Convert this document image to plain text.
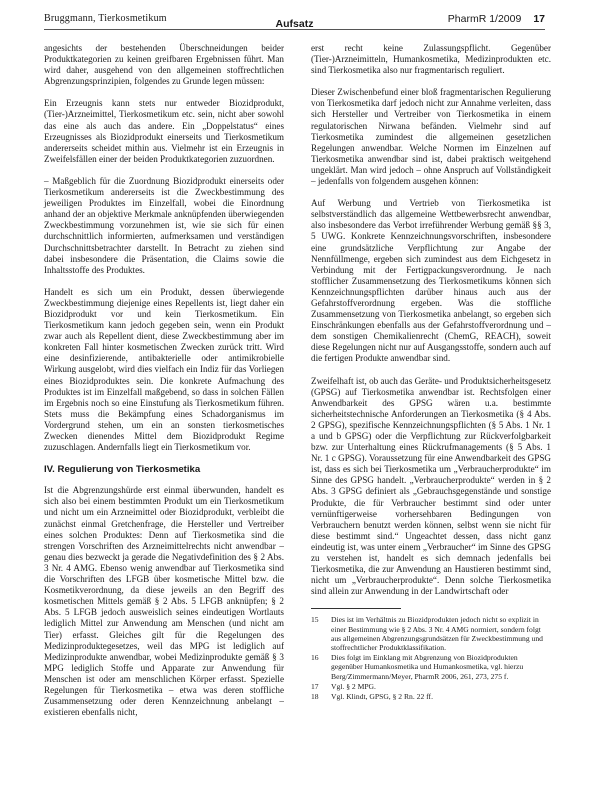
Bruggmann, Tierkosmetikum	Aufsatz	PharmR 1/2009 17

angesichts der bestehenden Überschneidungen beider Produktkategorien zu keinen greifbaren Ergebnissen führt. Man wird daher, ausgehend von den allgemeinen stoffrechtlichen Abgrenzungsprinzipien, folgendes zu Grunde legen müssen:

Ein Erzeugnis kann stets nur entweder Biozidprodukt, (Tier-)Arzneimittel, Tierkosmetikum etc. sein, nicht aber sowohl das eine als auch das andere. Ein „Doppelstatus“ eines Erzeugnisses als Biozidprodukt einerseits und Tierkosmetikum andererseits scheidet mithin aus. Vielmehr ist ein Erzeugnis in Zweifelsfällen einer der beiden Produktkategorien zuzuordnen.

– Maßgeblich für die Zuordnung Biozidprodukt einerseits oder Tierkosmetikum andererseits ist die Zweckbestimmung des jeweiligen Produktes im Einzelfall, wobei die Einordnung anhand der an objektive Merkmale anknüpfenden überwiegenden Zweckbestimmung vorzunehmen ist, wie sie sich für einen durchschnittlich informierten, aufmerksamen und verständigen Durchschnittsbetrachter darstellt. In Betracht zu ziehen sind dabei insbesondere die Präsentation, die Claims sowie die Inhaltsstoffe des Produktes.

Handelt es sich um ein Produkt, dessen überwiegende Zweckbestimmung diejenige eines Repellents ist, liegt daher ein Biozidprodukt vor und kein Tierkosmetikum. Ein Tierkosmetikum kann jedoch gegeben sein, wenn ein Produkt zwar auch als Repellent dient, diese Zweckbestimmung aber im konkreten Fall hinter kosmetischen Zwecken zurück tritt. Wird eine desinfizierende, antibakterielle oder antimikrobielle Wirkung ausgelobt, wird dies vielfach ein Indiz für das Vorliegen eines Biozidproduktes sein. Die konkrete Aufmachung des Produktes ist im Einzelfall maßgebend, so dass in solchen Fällen im Ergebnis noch so eine Einstufung als Tierkosmetikum führen. Stets muss die Bekämpfung eines Schadorganismus im Vordergrund stehen, um ein an sonsten tierkosmetisches Zwecken dienendes Mittel dem Biozidprodukt Regime zuzuschlagen. Andernfalls liegt ein Tierkosmetikum vor.

IV. Regulierung von Tierkosmetika

Ist die Abgrenzungshürde erst einmal überwunden, handelt es sich also bei einem bestimmten Produkt um ein Tierkosmetikum und nicht um ein Arzneimittel oder Biozidprodukt, verbleibt die zunächst einmal Gretchenfrage, die Hersteller und Vertreiber eines solchen Produktes: Denn auf Tierkosmetika sind die strengen Vorschriften des Arzneimittelrechts nicht anwendbar – genau dies bezweckt ja gerade die Negativdefinition des § 2 Abs. 3 Nr. 4 AMG. Ebenso wenig anwendbar auf Tierkosmetika sind die Vorschriften des LFGB über kosmetische Mittel bzw. die Kosmetikverordnung, da diese jeweils an den Begriff des kosmetischen Mittels gemäß § 2 Abs. 5 LFGB anknüpfen; § 2 Abs. 5 LFGB jedoch ausweislich seines eindeutigen Wortlauts lediglich Mittel zur Anwendung am Menschen (und nicht am Tier) erfasst. Gleiches gilt für die Regelungen des Medizinproduktegesetzes, weil das MPG ist lediglich auf Medizinprodukte anwendbar, wobei Medizinprodukte gemäß § 3 MPG lediglich Stoffe und Apparate zur Anwendung für Menschen ist oder am menschlichen Körper erfasst. Spezielle Regelungen für Tierkosmetika – etwa was deren stoffliche Zusammensetzung oder deren Kennzeichnung anbelangt – existieren ebenfalls nicht,

erst recht keine Zulassungspflicht. Gegenüber (Tier-)Arzneimitteln, Humankosmetika, Medizinprodukten etc. sind Tierkosmetika also nur fragmentarisch reguliert.

Dieser Zwischenbefund einer bloß fragmentarischen Regulierung von Tierkosmetika darf jedoch nicht zur Annahme verleiten, dass sich Hersteller und Vertreiber von Tierkosmetika in einem regulatorischen Nirwana befänden. Vielmehr sind auf Tierkosmetika zumindest die allgemeinen gesetzlichen Regelungen anwendbar. Welche Normen im Einzelnen auf Tierkosmetika anwendbar sind ist, dabei praktisch weitgehend ungeklärt. Man wird jedoch – ohne Anspruch auf Vollständigkeit – jedenfalls von folgendem ausgehen können:

Auf Werbung und Vertrieb von Tierkosmetika ist selbstverständlich das allgemeine Wettbewerbsrecht anwendbar, also insbesondere das Verbot irreführender Werbung gemäß §§ 3, 5 UWG. Konkrete Kennzeichnungsvorschriften, insbesondere eine grundsätzliche Verpflichtung zur Angabe der Nennfüllmenge, ergeben sich zumindest aus dem Eichgesetz in Verbindung mit der Fertigpackungsverordnung. Je nach stofflicher Zusammensetzung des Tierkosmetikums können sich Kennzeichnungspflichten darüber hinaus auch aus der Gefahrstoffverordnung ergeben. Was die stoffliche Zusammensetzung von Tierkosmetika anbelangt, so ergeben sich Einschränkungen ebenfalls aus der Gefahrstoffverordnung und – dem sonstigen Chemikalienrecht (ChemG, REACH), soweit diese Regelungen nicht nur auf Ausgangsstoffe, sondern auch auf die fertigen Produkte anwendbar sind.

Zweifelhaft ist, ob auch das Geräte- und Produktsicherheitsgesetz (GPSG) auf Tierkosmetika anwendbar ist. Rechtsfolgen einer Anwendbarkeit des GPSG wären u.a. bestimmte sicherheitstechnische Anforderungen an Tierkosmetika (§ 4 Abs. 2 GPSG), spezifische Kennzeichnungspflichten (§ 5 Abs. 1 Nr. 1 a und b GPSG) oder die Verpflichtung zur Rückverfolgbarkeit bzw. zur Unterhaltung eines Rückrufmanagements (§ 5 Abs. 1 Nr. 1 c GPSG). Voraussetzung für eine Anwendbarkeit des GPSG ist, dass es sich bei Tierkosmetika um „Verbraucherprodukte“ im Sinne des GPSG handelt. „Verbraucherprodukte“ werden in § 2 Abs. 3 GPSG definiert als „Gebrauchsgegenstände und sonstige Produkte, die für Verbraucher bestimmt sind oder unter vernünftigerweise vorhersehbaren Bedingungen von Verbrauchern benutzt werden können, selbst wenn sie nicht für diese bestimmt sind.“ Ungeachtet dessen, dass nicht ganz eindeutig ist, was unter einem „Verbraucher“ im Sinne des GPSG zu verstehen ist, handelt es sich demnach jedenfalls bei Tierkosmetika, die zur Anwendung an Haustieren bestimmt sind, nicht um „Verbraucherprodukte“. Denn solche Tierkosmetika sind allein zur Anwendung in der Landwirtschaft oder

15	Dies ist im Verhältnis zu Biozidprodukten jedoch nicht so explizit in einer Bestimmung wie § 2 Abs. 3 Nr. 4 AMG normiert, sondern folgt aus allgemeinen Abgrenzungsgrundsätzen für Zweckbestimmung und stoffrechtlicher Produktklassifikation.
16	Dies folgt im Einklang mit Abgrenzung von Biozidprodukten gegenüber Humankosmetika und Humankosmetika, vgl. hierzu Berg/Zimmermann/Meyer, PharmR 2006, 261, 273, 275 f.
17	Vgl. § 2 MPG.
18	Vgl. Klindt, GPSG, § 2 Rn. 22 ff.
